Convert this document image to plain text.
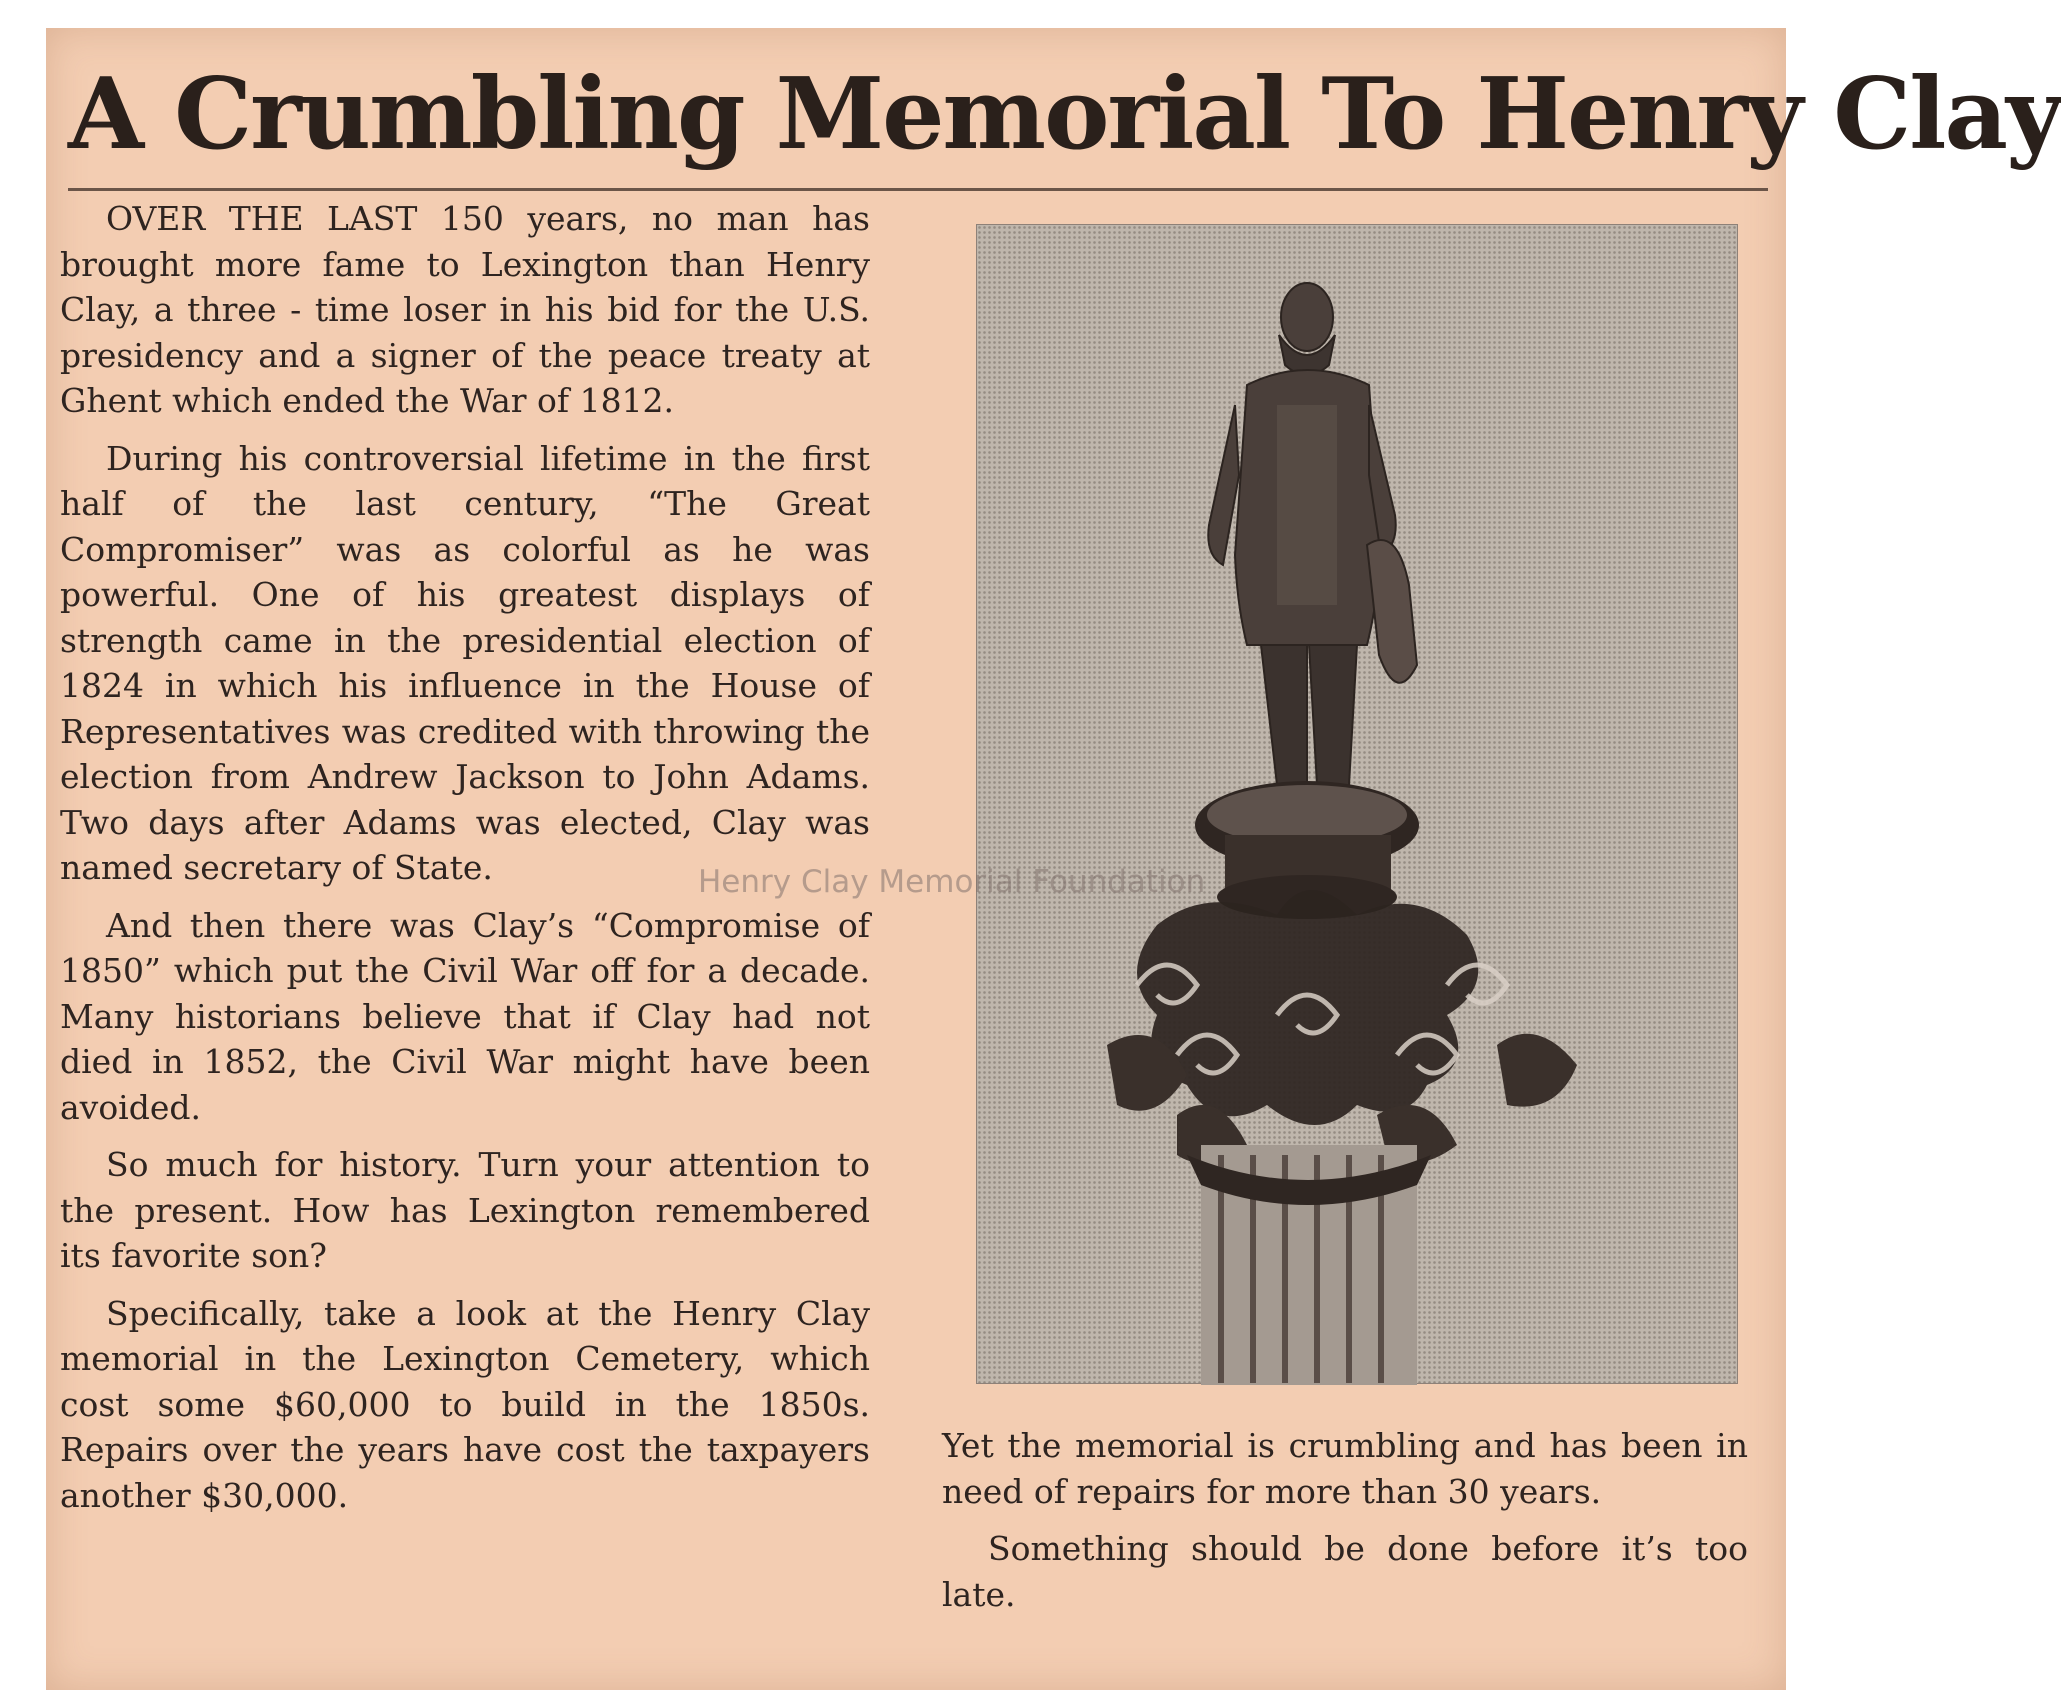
A Crumbling Memorial To Henry Clay

OVER THE LAST 150 years, no man has brought more fame to Lexington than Henry Clay, a three - time loser in his bid for the U.S. presidency and a signer of the peace treaty at Ghent which ended the War of 1812.

During his controversial lifetime in the first half of the last century, “The Great Compromiser” was as colorful as he was powerful. One of his greatest displays of strength came in the presidential election of 1824 in which his influence in the House of Representatives was credited with throwing the election from Andrew Jackson to John Adams. Two days after Adams was elected, Clay was named secretary of State.

And then there was Clay’s “Compromise of 1850” which put the Civil War off for a decade. Many historians believe that if Clay had not died in 1852, the Civil War might have been avoided.

So much for history. Turn your attention to the present. How has Lexington remembered its favorite son?

Specifically, take a look at the Henry Clay memorial in the Lexington Cemetery, which cost some $60,000 to build in the 1850s. Repairs over the years have cost the taxpayers another $30,000.

Yet the memorial is crumbling and has been in need of repairs for more than 30 years.

Something should be done before it’s too late.

Henry Clay Memorial Foundation
